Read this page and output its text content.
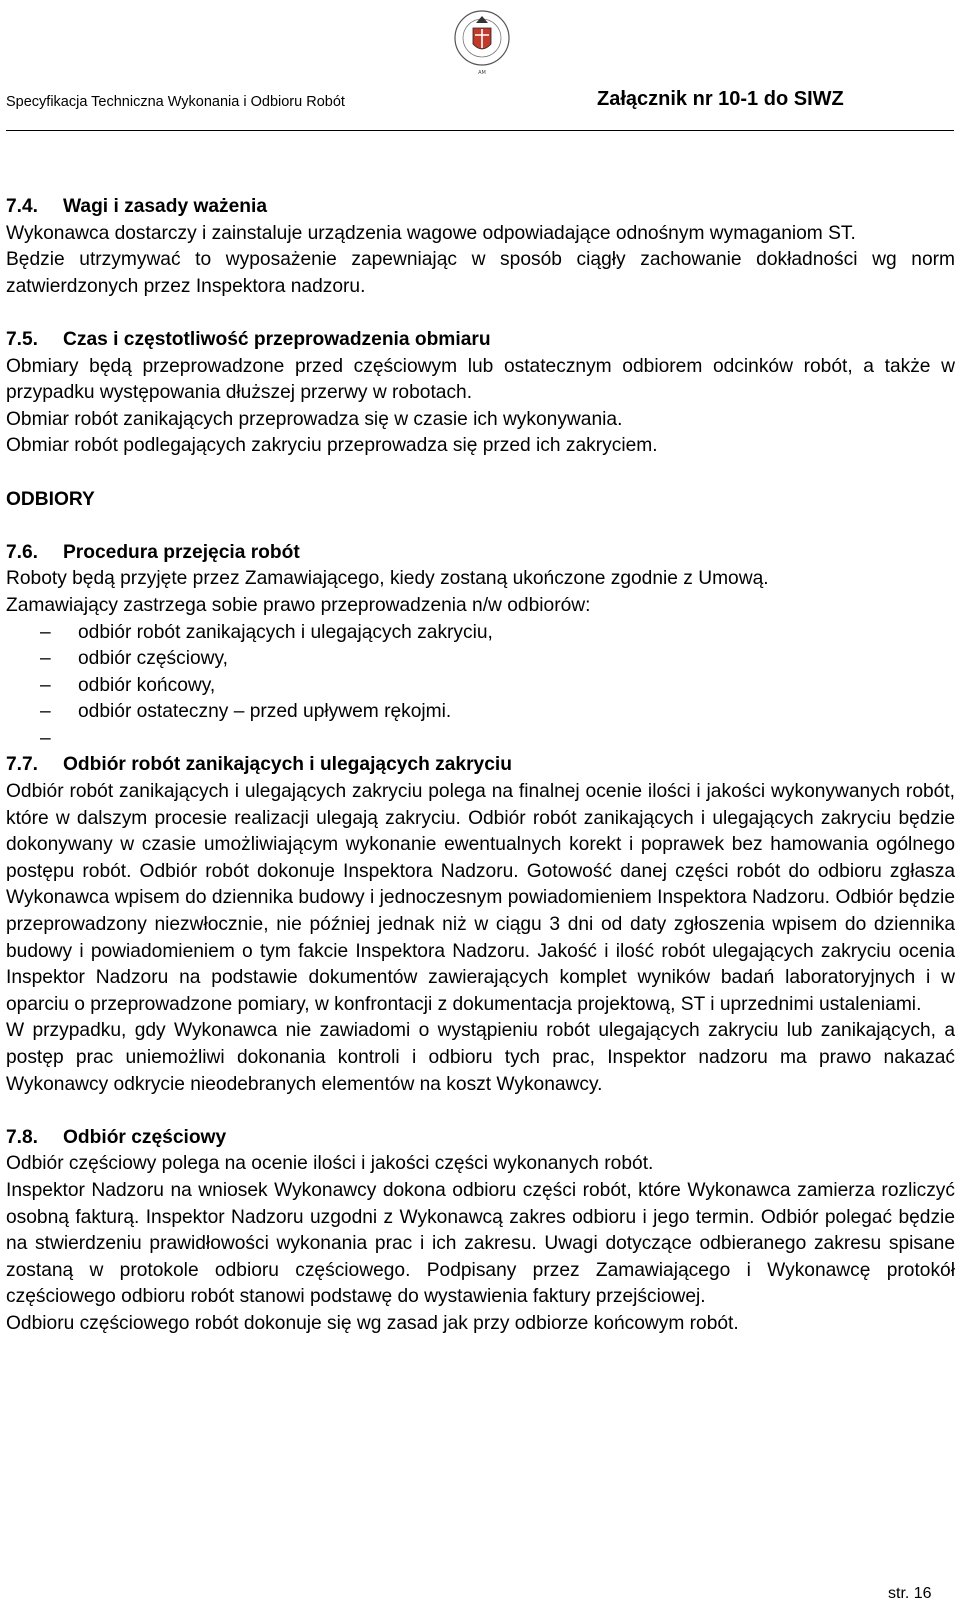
AM
Specyfikacja Techniczna Wykonania i Odbioru Robót	Załącznik nr 10-1 do SIWZ
7.4. Wagi i zasady ważenia

Wykonawca dostarczy i zainstaluje urządzenia wagowe odpowiadające odnośnym wymaganiom ST.

Będzie utrzymywać to wyposażenie zapewniając w sposób ciągły zachowanie dokładności wg norm zatwierdzonych przez Inspektora nadzoru.

7.5. Czas i częstotliwość przeprowadzenia obmiaru

Obmiary będą przeprowadzone przed częściowym lub ostatecznym odbiorem odcinków robót, a także w przypadku występowania dłuższej przerwy w robotach.

Obmiar robót zanikających przeprowadza się w czasie ich wykonywania.

Obmiar robót podlegających zakryciu przeprowadza się przed ich zakryciem.

ODBIORY
7.6. Procedura przejęcia robót

Roboty będą przyjęte przez Zamawiającego, kiedy zostaną ukończone zgodnie z Umową.

Zamawiający zastrzega sobie prawo przeprowadzenia n/w odbiorów:

–	odbiór robót zanikających i ulegających zakryciu,
–	odbiór częściowy,
–	odbiór końcowy,
–	odbiór ostateczny – przed upływem rękojmi.
–
7.7. Odbiór robót zanikających i ulegających zakryciu

Odbiór robót zanikających i ulegających zakryciu polega na finalnej ocenie ilości i jakości wykonywanych robót, które w dalszym procesie realizacji ulegają zakryciu. Odbiór robót zanikających i ulegających zakryciu będzie dokonywany w czasie umożliwiającym wykonanie ewentualnych korekt i poprawek bez hamowania ogólnego postępu robót. Odbiór robót dokonuje Inspektora Nadzoru. Gotowość danej części robót do odbioru zgłasza Wykonawca wpisem do dziennika budowy i jednoczesnym powiadomieniem Inspektora Nadzoru. Odbiór będzie przeprowadzony niezwłocznie, nie później jednak niż w ciągu 3 dni od daty zgłoszenia wpisem do dziennika budowy i powiadomieniem o tym fakcie Inspektora Nadzoru. Jakość i ilość robót ulegających zakryciu ocenia Inspektor Nadzoru na podstawie dokumentów zawierających komplet wyników badań laboratoryjnych i w oparciu o przeprowadzone pomiary, w konfrontacji z dokumentacja projektową, ST i uprzednimi ustaleniami.

W przypadku, gdy Wykonawca nie zawiadomi o wystąpieniu robót ulegających zakryciu lub zanikających, a postęp prac uniemożliwi dokonania kontroli i odbioru tych prac, Inspektor nadzoru ma prawo nakazać Wykonawcy odkrycie nieodebranych elementów na koszt Wykonawcy.

7.8. Odbiór częściowy

Odbiór częściowy polega na ocenie ilości i jakości części wykonanych robót.

Inspektor Nadzoru na wniosek Wykonawcy dokona odbioru części robót, które Wykonawca zamierza rozliczyć osobną fakturą. Inspektor Nadzoru uzgodni z Wykonawcą zakres odbioru i jego termin. Odbiór polegać będzie na stwierdzeniu prawidłowości wykonania prac i ich zakresu. Uwagi dotyczące odbieranego zakresu spisane zostaną w protokole odbioru częściowego. Podpisany przez Zamawiającego i Wykonawcę protokół częściowego odbioru robót stanowi podstawę do wystawienia faktury przejściowej.

Odbioru częściowego robót dokonuje się wg zasad jak przy odbiorze końcowym robót.

str. 16
